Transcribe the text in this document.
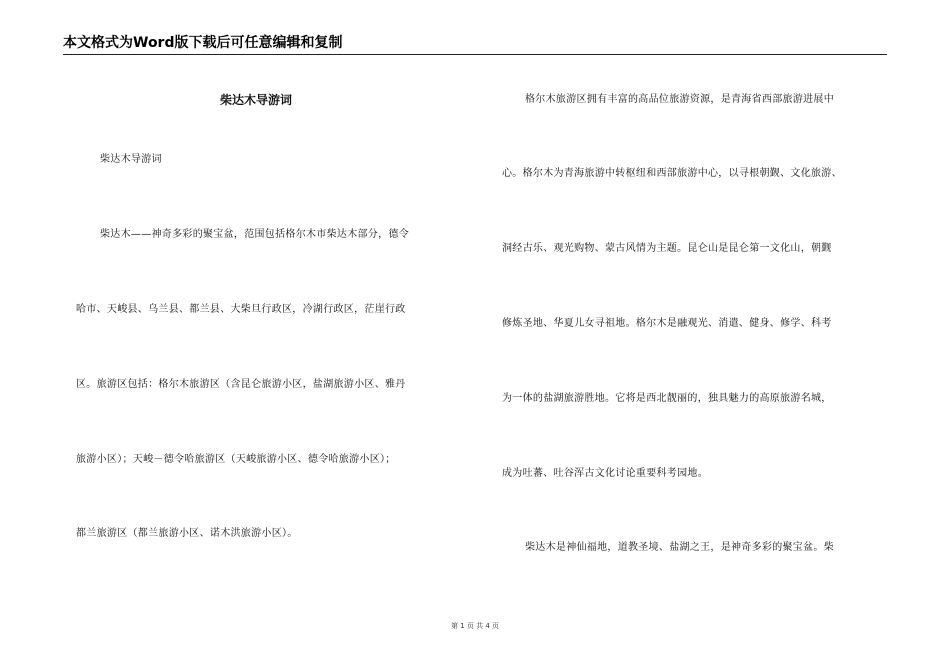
本文格式为Word版下载后可任意编辑和复制
柴达木导游词
柴达木导游词
柴达木——神奇多彩的聚宝盆，范围包括格尔木市柴达木部分，德令
哈市、天峻县、乌兰县、都兰县、大柴旦行政区，冷湖行政区，茫崖行政
区。旅游区包括：格尔木旅游区（含昆仑旅游小区，盐湖旅游小区、雅丹
旅游小区）；天峻－德令哈旅游区（天峻旅游小区、德令哈旅游小区）；
都兰旅游区（都兰旅游小区、诺木洪旅游小区）。
格尔木旅游区拥有丰富的高品位旅游资源，是青海省西部旅游进展中
心。格尔木为青海旅游中转枢纽和西部旅游中心，以寻根朝觐、文化旅游、
洞经古乐、观光购物、蒙古风情为主题。昆仑山是昆仑第一文化山，朝觐
修炼圣地、华夏儿女寻祖地。格尔木是融观光、消遣、健身、修学、科考
为一体的盐湖旅游胜地。它将是西北靓丽的，独具魅力的高原旅游名城，
成为吐蕃、吐谷浑古文化讨论重要科考园地。
柴达木是神仙福地，道教圣境、盐湖之王，是神奇多彩的聚宝盆。柴
第 1 页 共 4 页
